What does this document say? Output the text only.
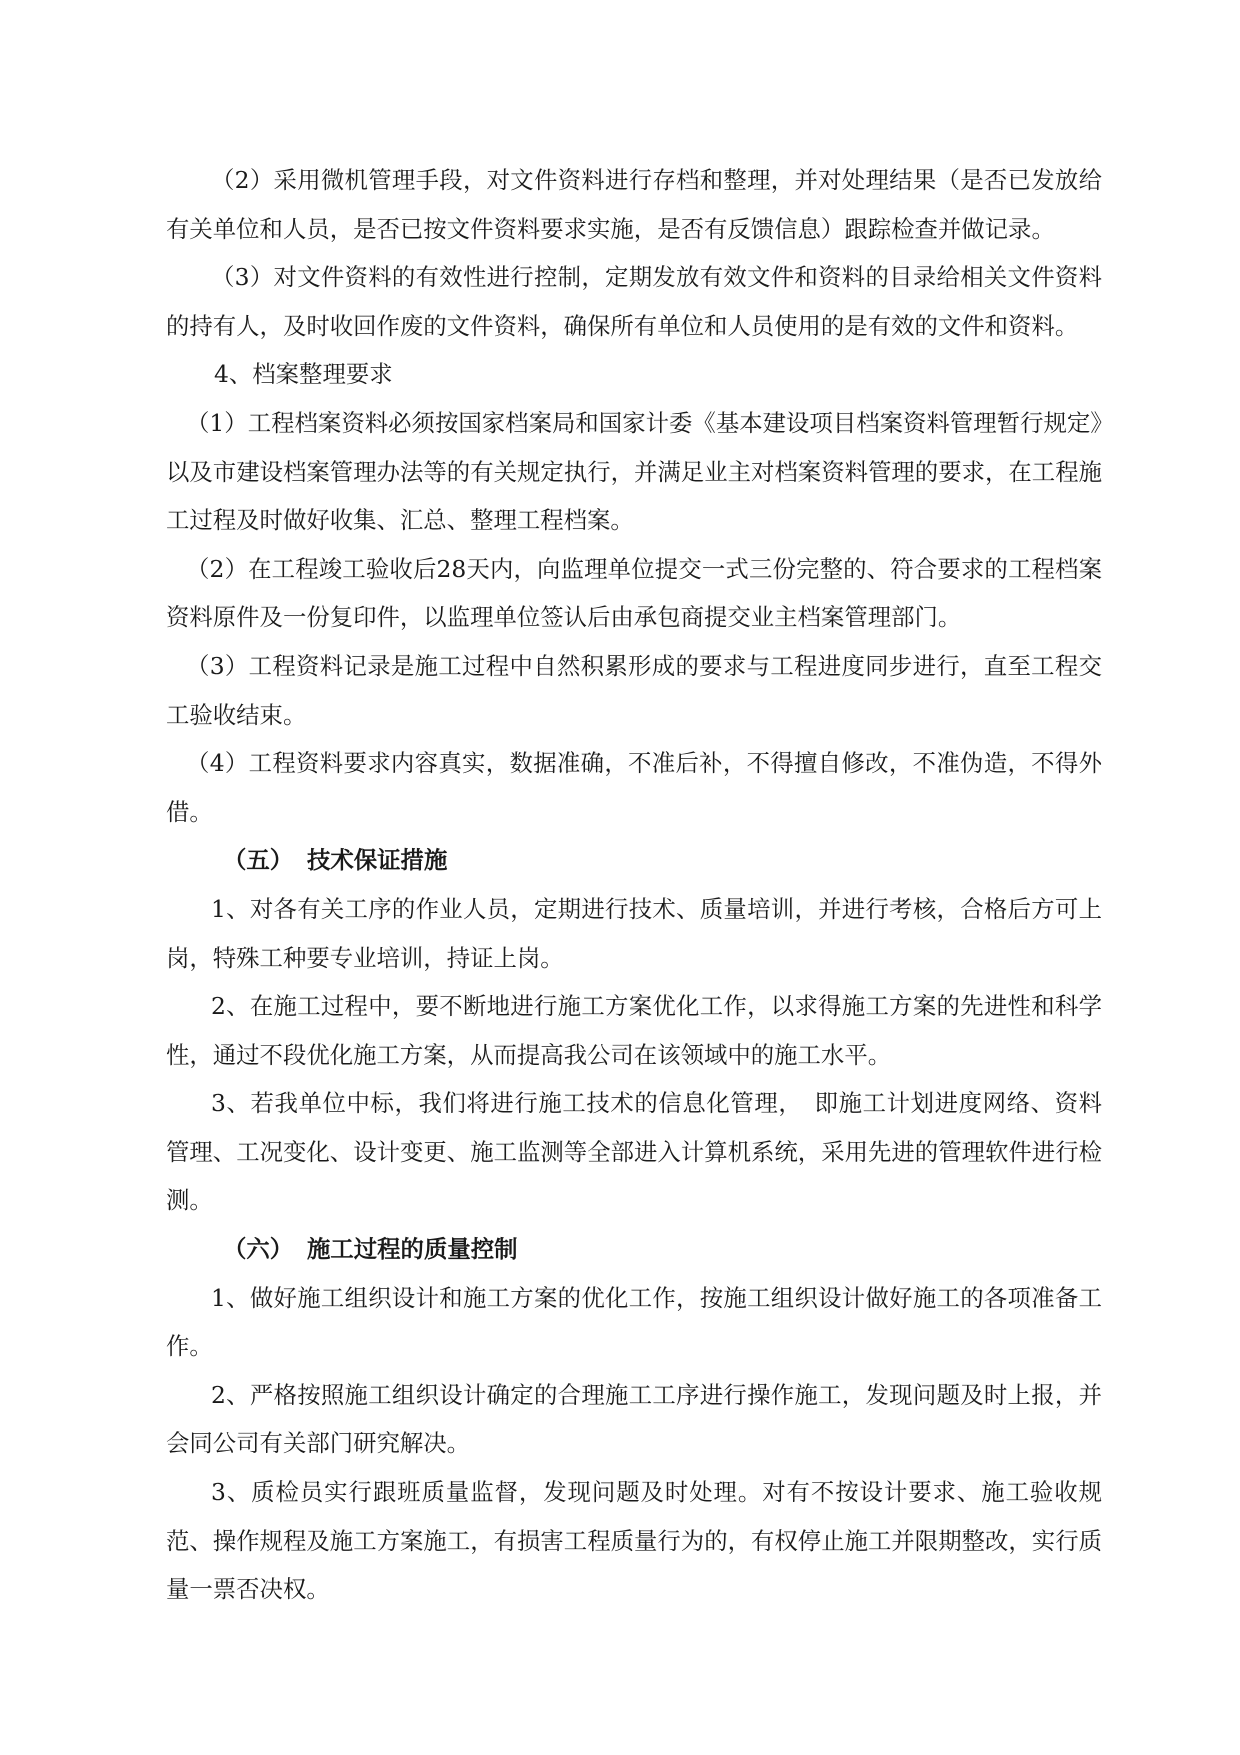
（2）采用微机管理手段，对文件资料进行存档和整理，并对处理结果（是否已发放给有关单位和人员，是否已按文件资料要求实施，是否有反馈信息）跟踪检查并做记录。

（3）对文件资料的有效性进行控制，定期发放有效文件和资料的目录给相关文件资料的持有人，及时收回作废的文件资料，确保所有单位和人员使用的是有效的文件和资料。

4、档案整理要求

（1）工程档案资料必须按国家档案局和国家计委《基本建设项目档案资料管理暂行规定》以及市建设档案管理办法等的有关规定执行，并满足业主对档案资料管理的要求，在工程施工过程及时做好收集、汇总、整理工程档案。

（2）在工程竣工验收后28天内，向监理单位提交一式三份完整的、符合要求的工程档案资料原件及一份复印件，以监理单位签认后由承包商提交业主档案管理部门。

（3）工程资料记录是施工过程中自然积累形成的要求与工程进度同步进行，直至工程交工验收结束。

（4）工程资料要求内容真实，数据准确，不准后补，不得擅自修改，不准伪造，不得外借。

（五） 技术保证措施

1、对各有关工序的作业人员，定期进行技术、质量培训，并进行考核，合格后方可上岗，特殊工种要专业培训，持证上岗。

2、在施工过程中，要不断地进行施工方案优化工作，以求得施工方案的先进性和科学性，通过不段优化施工方案，从而提高我公司在该领域中的施工水平。

3、若我单位中标，我们将进行施工技术的信息化管理，　即施工计划进度网络、资料管理、工况变化、设计变更、施工监测等全部进入计算机系统，采用先进的管理软件进行检测。

（六） 施工过程的质量控制

1、做好施工组织设计和施工方案的优化工作，按施工组织设计做好施工的各项准备工作。

2、严格按照施工组织设计确定的合理施工工序进行操作施工，发现问题及时上报，并会同公司有关部门研究解决。

3、质检员实行跟班质量监督，发现问题及时处理。对有不按设计要求、施工验收规范、操作规程及施工方案施工，有损害工程质量行为的，有权停止施工并限期整改，实行质量一票否决权。
